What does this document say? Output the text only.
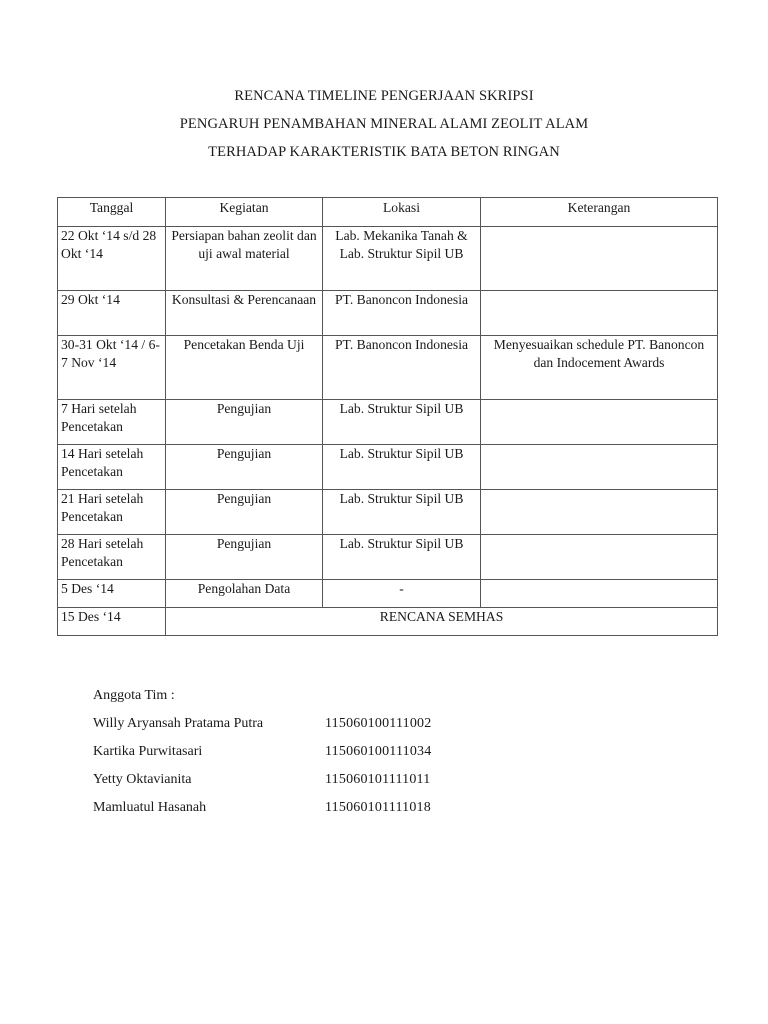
RENCANA TIMELINE PENGERJAAN SKRIPSI
PENGARUH PENAMBAHAN MINERAL ALAMI ZEOLIT ALAM
TERHADAP KARAKTERISTIK BATA BETON RINGAN
Tanggal	Kegiatan	Lokasi	Keterangan
22 Okt ‘14 s/d 28 Okt ‘14	Persiapan bahan zeolit dan uji awal material	Lab. Mekanika Tanah & Lab. Struktur Sipil UB	
29 Okt ‘14	Konsultasi & Perencanaan	PT. Banoncon Indonesia	
30-31 Okt ‘14 / 6-7 Nov ‘14	Pencetakan Benda Uji	PT. Banoncon Indonesia	Menyesuaikan schedule PT. Banoncon dan Indocement Awards
7 Hari setelah Pencetakan	Pengujian	Lab. Struktur Sipil UB	
14 Hari setelah Pencetakan	Pengujian	Lab. Struktur Sipil UB	
21 Hari setelah Pencetakan	Pengujian	Lab. Struktur Sipil UB	
28 Hari setelah Pencetakan	Pengujian	Lab. Struktur Sipil UB	
5 Des ‘14	Pengolahan Data	-	
15 Des ‘14	RENCANA SEMHAS		
Anggota Tim :
Willy Aryansah Pratama Putra	115060100111002
Kartika Purwitasari	115060100111034
Yetty Oktavianita	115060101111011
Mamluatul Hasanah	115060101111018
